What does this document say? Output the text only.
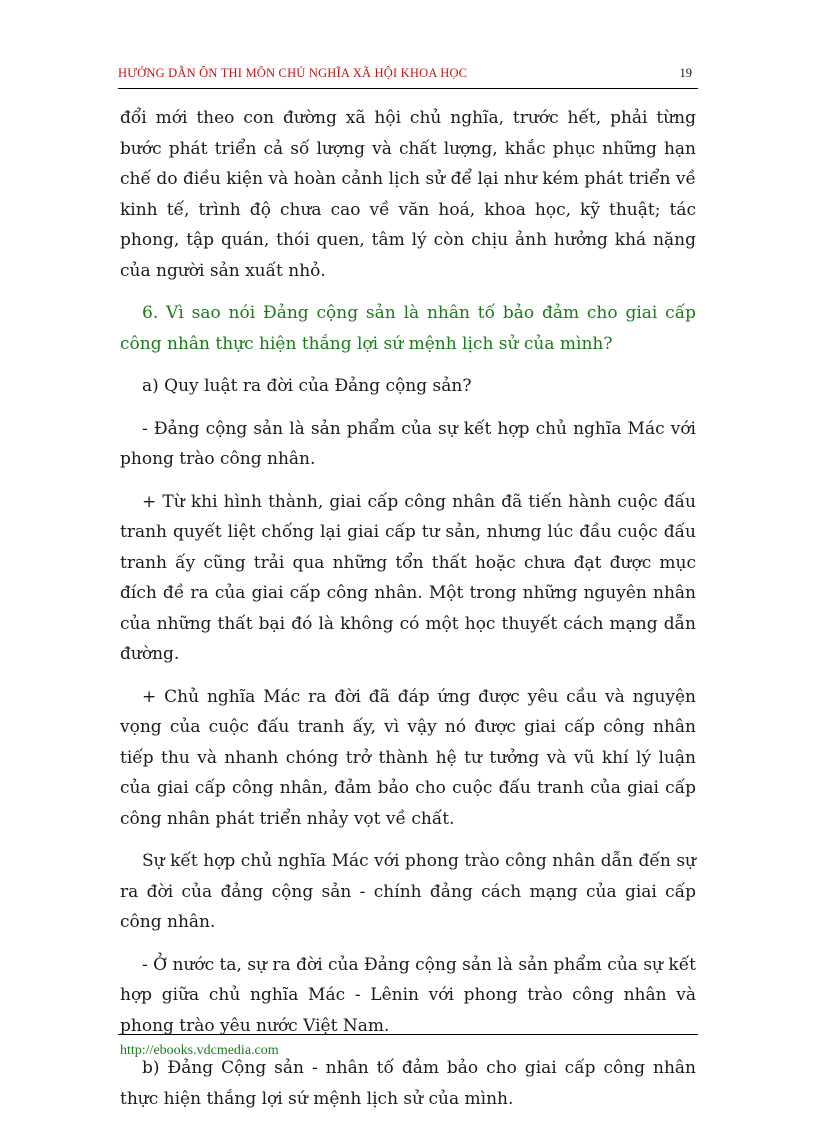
HƯỚNG DẪN ÔN THI MÔN CHỦ NGHĨA XÃ HỘI KHOA HỌC	19

đổi mới theo con đường xã hội chủ nghĩa, trước hết, phải từng bước phát triển cả số lượng và chất lượng, khắc phục những hạn chế do điều kiện và hoàn cảnh lịch sử để lại như kém phát triển về kinh tế, trình độ chưa cao về văn hoá, khoa học, kỹ thuật; tác phong, tập quán, thói quen, tâm lý còn chịu ảnh hưởng khá nặng của người sản xuất nhỏ.

6. Vì sao nói Đảng cộng sản là nhân tố bảo đảm cho giai cấp công nhân thực hiện thắng lợi sứ mệnh lịch sử của mình?

a) Quy luật ra đời của Đảng cộng sản?

- Đảng cộng sản là sản phẩm của sự kết hợp chủ nghĩa Mác với phong trào công nhân.

+ Từ khi hình thành, giai cấp công nhân đã tiến hành cuộc đấu tranh quyết liệt chống lại giai cấp tư sản, nhưng lúc đầu cuộc đấu tranh ấy cũng trải qua những tổn thất hoặc chưa đạt được mục đích đề ra của giai cấp công nhân. Một trong những nguyên nhân của những thất bại đó là không có một học thuyết cách mạng dẫn đường.

+ Chủ nghĩa Mác ra đời đã đáp ứng được yêu cầu và nguyện vọng của cuộc đấu tranh ấy, vì vậy nó được giai cấp công nhân tiếp thu và nhanh chóng trở thành hệ tư tưởng và vũ khí lý luận của giai cấp công nhân, đảm bảo cho cuộc đấu tranh của giai cấp công nhân phát triển nhảy vọt về chất.

Sự kết hợp chủ nghĩa Mác với phong trào công nhân dẫn đến sự ra đời của đảng cộng sản - chính đảng cách mạng của giai cấp công nhân.

- Ở nước ta, sự ra đời của Đảng cộng sản là sản phẩm của sự kết hợp giữa chủ nghĩa Mác - Lênin với phong trào công nhân và phong trào yêu nước Việt Nam.

b) Đảng Cộng sản - nhân tố đảm bảo cho giai cấp công nhân thực hiện thắng lợi sứ mệnh lịch sử của mình.

http://ebooks.vdcmedia.com
